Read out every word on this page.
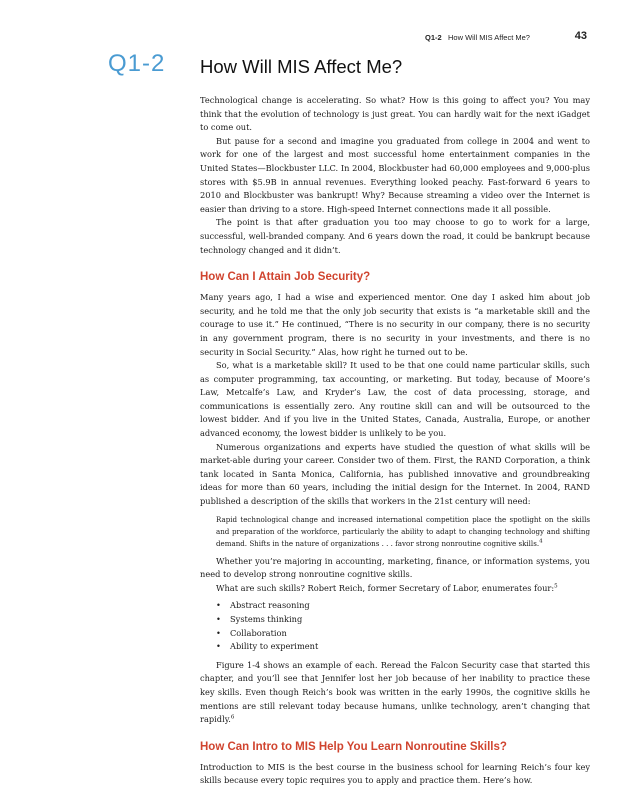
Q1-2 How Will MIS Affect Me?	43
Q1-2 How Will MIS Affect Me?

Technological change is accelerating. So what? How is this going to affect you? You may think that the evolution of technology is just great. You can hardly wait for the next iGadget to come out.

But pause for a second and imagine you graduated from college in 2004 and went to work for one of the largest and most successful home entertainment companies in the United States—Blockbuster LLC. In 2004, Blockbuster had 60,000 employees and 9,000-plus stores with $5.9B in annual revenues. Everything looked peachy. Fast-forward 6 years to 2010 and Blockbuster was bankrupt! Why? Because streaming a video over the Internet is easier than driving to a store. High-speed Internet connections made it all possible.

The point is that after graduation you too may choose to go to work for a large, successful, well-branded company. And 6 years down the road, it could be bankrupt because technology changed and it didn’t.

How Can I Attain Job Security?

Many years ago, I had a wise and experienced mentor. One day I asked him about job security, and he told me that the only job security that exists is “a marketable skill and the courage to use it.” He continued, “There is no security in our company, there is no security in any government program, there is no security in your investments, and there is no security in Social Security.” Alas, how right he turned out to be.

So, what is a marketable skill? It used to be that one could name particular skills, such as computer programming, tax accounting, or marketing. But today, because of Moore’s Law, Metcalfe’s Law, and Kryder’s Law, the cost of data processing, storage, and communications is essentially zero. Any routine skill can and will be outsourced to the lowest bidder. And if you live in the United States, Canada, Australia, Europe, or another advanced economy, the lowest bidder is unlikely to be you.

Numerous organizations and experts have studied the question of what skills will be market-able during your career. Consider two of them. First, the RAND Corporation, a think tank located in Santa Monica, California, has published innovative and groundbreaking ideas for more than 60 years, including the initial design for the Internet. In 2004, RAND published a description of the skills that workers in the 21st century will need:

Rapid technological change and increased international competition place the spotlight on the skills and preparation of the workforce, particularly the ability to adapt to changing technology and shifting demand. Shifts in the nature of organizations . . . favor strong nonroutine cognitive skills.$^4$

Whether you’re majoring in accounting, marketing, finance, or information systems, you need to develop strong nonroutine cognitive skills.

What are such skills? Robert Reich, former Secretary of Labor, enumerates four:$^5$

• Abstract reasoning
• Systems thinking
• Collaboration
• Ability to experiment

Figure 1-4 shows an example of each. Reread the Falcon Security case that started this chapter, and you’ll see that Jennifer lost her job because of her inability to practice these key skills. Even though Reich’s book was written in the early 1990s, the cognitive skills he mentions are still relevant today because humans, unlike technology, aren’t changing that rapidly.$^6$

How Can Intro to MIS Help You Learn Nonroutine Skills?

Introduction to MIS is the best course in the business school for learning Reich’s four key skills because every topic requires you to apply and practice them. Here’s how.
